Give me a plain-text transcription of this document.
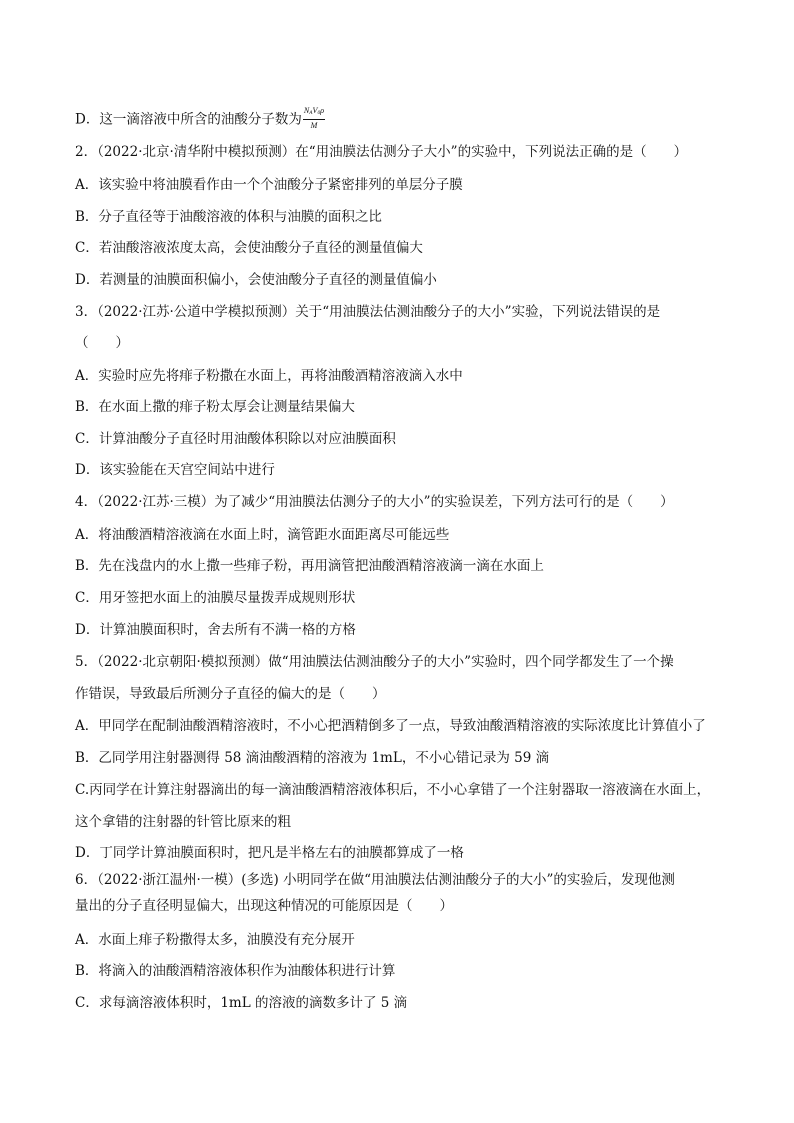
D．这一滴溶液中所含的油酸分子数为 $\frac{N_AV_0\rho}{M}$
2．（2022·北京·清华附中模拟预测）在“用油膜法估测分子大小”的实验中，下列说法正确的是（　　）
A．该实验中将油膜看作由一个个油酸分子紧密排列的单层分子膜
B．分子直径等于油酸溶液的体积与油膜的面积之比
C．若油酸溶液浓度太高，会使油酸分子直径的测量值偏大
D．若测量的油膜面积偏小，会使油酸分子直径的测量值偏小
3．（2022·江苏·公道中学模拟预测）关于“用油膜法估测油酸分子的大小”实验，下列说法错误的是
（　　）
A．实验时应先将痱子粉撒在水面上，再将油酸酒精溶液滴入水中
B．在水面上撒的痱子粉太厚会让测量结果偏大
C．计算油酸分子直径时用油酸体积除以对应油膜面积
D．该实验能在天宫空间站中进行
4．（2022·江苏·三模）为了减少“用油膜法估测分子的大小”的实验误差，下列方法可行的是（　　）
A．将油酸酒精溶液滴在水面上时，滴管距水面距离尽可能远些
B．先在浅盘内的水上撒一些痱子粉，再用滴管把油酸酒精溶液滴一滴在水面上
C．用牙签把水面上的油膜尽量拨弄成规则形状
D．计算油膜面积时，舍去所有不满一格的方格
5．（2022·北京朝阳·模拟预测）做“用油膜法估测油酸分子的大小”实验时，四个同学都发生了一个操
作错误，导致最后所测分子直径的偏大的是（　　）
A．甲同学在配制油酸酒精溶液时，不小心把酒精倒多了一点，导致油酸酒精溶液的实际浓度比计算值小了
B．乙同学用注射器测得 58 滴油酸酒精的溶液为 1mL，不小心错记录为 59 滴
C.丙同学在计算注射器滴出的每一滴油酸酒精溶液体积后，不小心拿错了一个注射器取一溶液滴在水面上，
这个拿错的注射器的针管比原来的粗
D．丁同学计算油膜面积时，把凡是半格左右的油膜都算成了一格
6．（2022·浙江温州·一模）(多选) 小明同学在做“用油膜法估测油酸分子的大小”的实验后，发现他测
量出的分子直径明显偏大，出现这种情况的可能原因是（　　）
A．水面上痱子粉撒得太多，油膜没有充分展开
B．将滴入的油酸酒精溶液体积作为油酸体积进行计算
C．求每滴溶液体积时，1mL 的溶液的滴数多计了 5 滴
